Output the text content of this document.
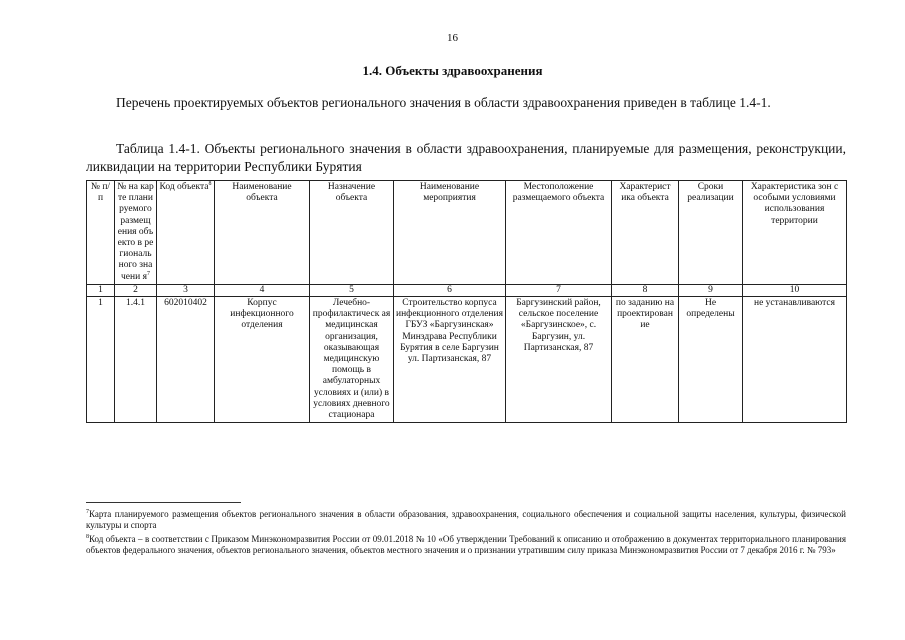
16
1.4. Объекты здравоохранения
Перечень проектируемых объектов регионального значения в области здравоохранения приведен в таблице 1.4-1.
Таблица 1.4-1. Объекты регионального значения в области здравоохранения, планируемые для размещения, реконструкции, ликвидации на территории Республики Бурятия
№ п/п	№ на карте планируемого размещения объекто в регионального значени $я^7$	Код объекта$^8$	Наименование объекта	Назначение объекта	Наименование мероприятия	Местоположение размещаемого объекта	Характерист ика объекта	Сроки реализации	Характеристика зон с особыми условиями использования территории
1	2	3	4	5	6	7	8	9	10
1	1.4.1	602010402	Корпус инфекционного отделения	Лечебно-профилактическ ая медицинская организация, оказывающая медицинскую помощь в амбулаторных условиях и (или) в условиях дневного стационара	Строительство корпуса инфекционного отделения ГБУЗ «Баргузинская» Минздрава Республики Бурятия в селе Баргузин ул. Партизанская, 87	Баргузинский район, сельское поселение «Баргузинское», с. Баргузин, ул. Партизанская, 87	по заданию на проектирован ие	Не определены	не устанавливаются
$^7$Карта планируемого размещения объектов регионального значения в области образования, здравоохранения, социального обеспечения и социальной защиты населения, культуры, физической культуры и спорта
$^8$Код объекта – в соответствии с Приказом Минэкономразвития России от 09.01.2018 № 10 «Об утверждении Требований к описанию и отображению в документах территориального планирования объектов федерального значения, объектов регионального значения, объектов местного значения и о признании утратившим силу приказа Минэкономразвития России от 7 декабря 2016 г. № 793»
